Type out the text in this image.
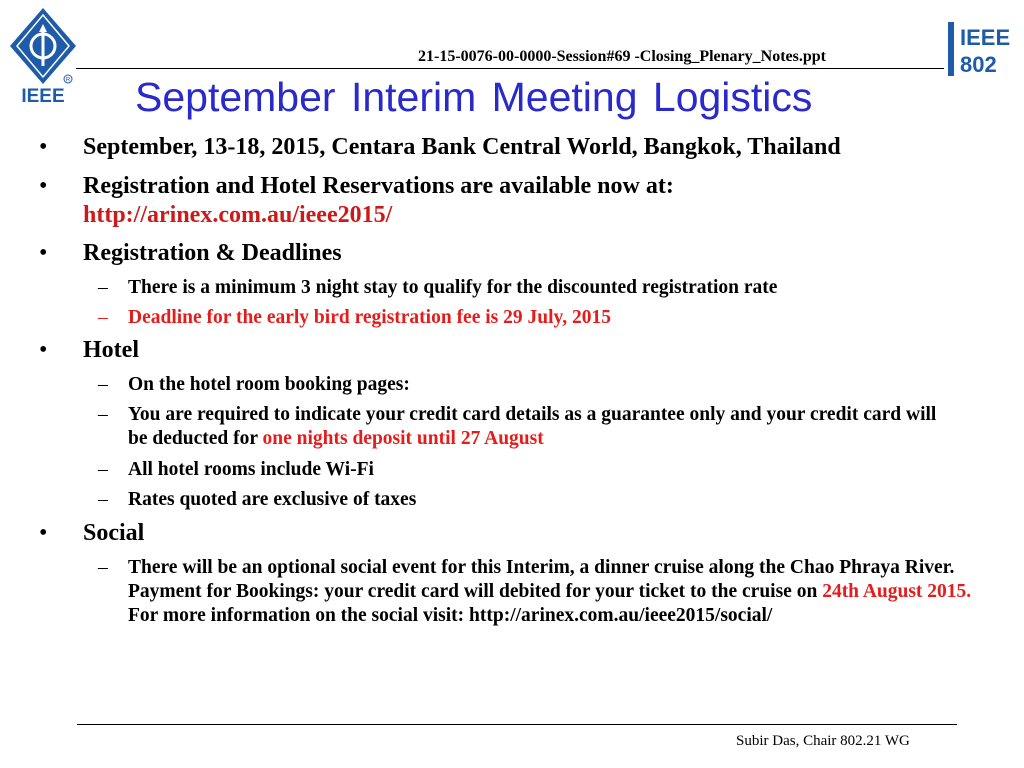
R
IEEE
IEEE
802
21-15-0076-00-0000-Session#69 -Closing_Plenary_Notes.ppt
September Interim Meeting Logistics
• September, 13-18, 2015, Centara Bank Central World, Bangkok, Thailand
• Registration and Hotel Reservations are available now at:
http://arinex.com.au/ieee2015/
• Registration & Deadlines
– There is a minimum 3 night stay to qualify for the discounted registration rate
– Deadline for the early bird registration fee is 29 July, 2015
• Hotel
– On the hotel room booking pages:
– You are required to indicate your credit card details as a guarantee only and your credit card will be deducted for one nights deposit until 27 August
– All hotel rooms include Wi-Fi
– Rates quoted are exclusive of taxes
• Social
– There will be an optional social event for this Interim, a dinner cruise along the Chao Phraya River. Payment for Bookings: your credit card will debited for your ticket to the cruise on 24th August 2015. For more information on the social visit: http://arinex.com.au/ieee2015/social/
Subir Das, Chair 802.21 WG
